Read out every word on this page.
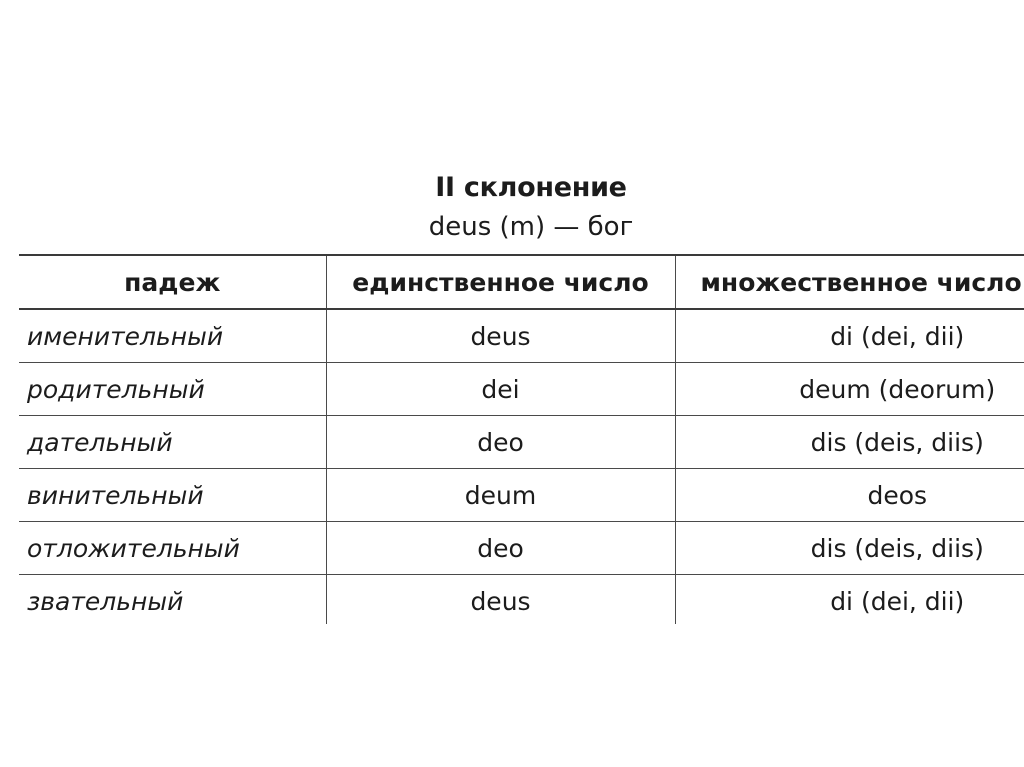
II склонение
deus (m) — бог
падеж	единственное число	множественное число
именительный	deus	di (dei, dii)
родительный	dei	deum (deorum)
дательный	deo	dis (deis, diis)
винительный	deum	deos
отложительный	deo	dis (deis, diis)
звательный	deus	di (dei, dii)
